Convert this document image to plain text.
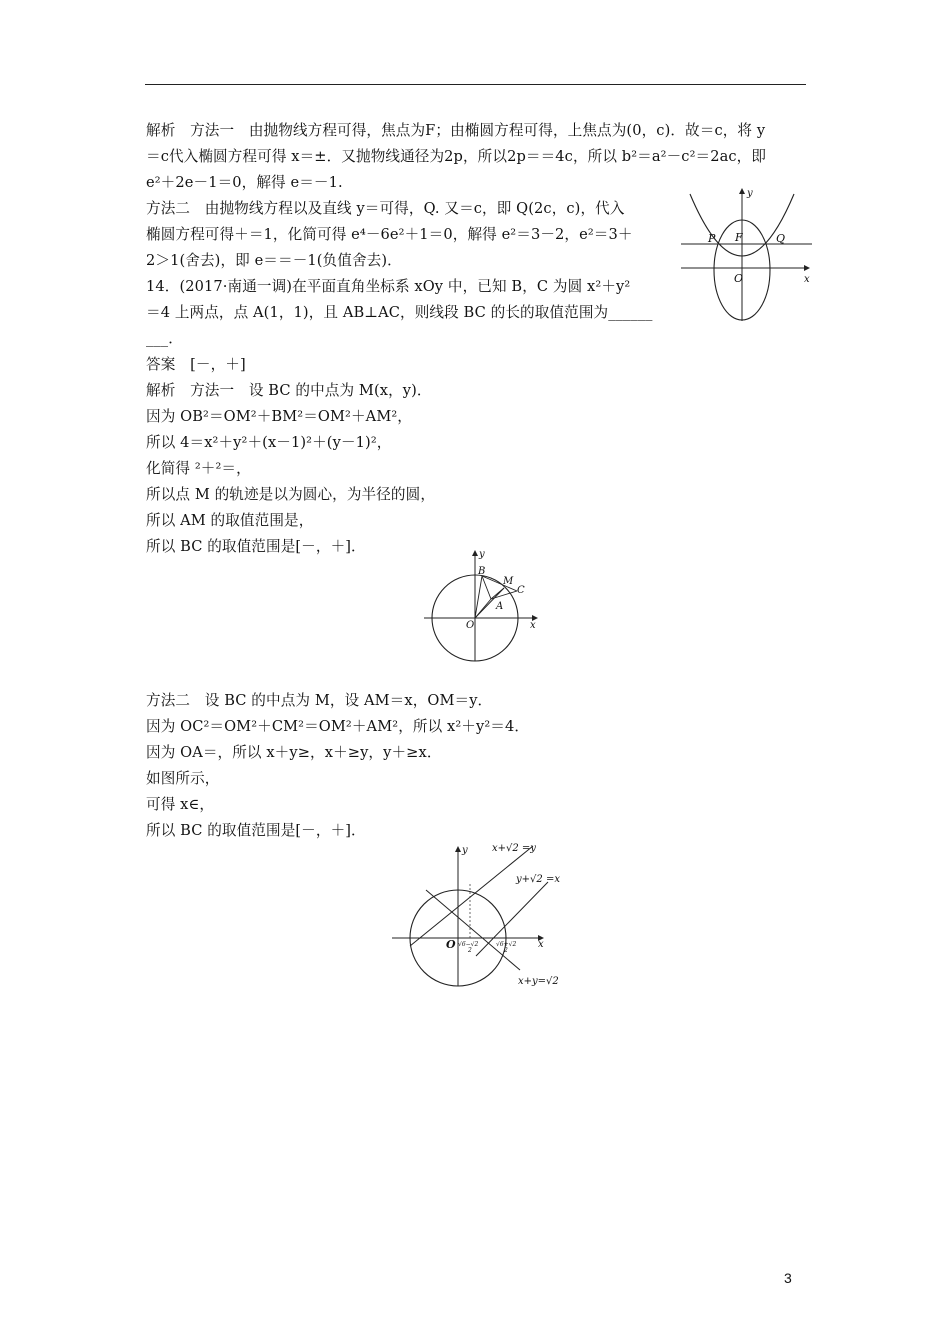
解析　方法一　由抛物线方程可得，焦点为F；由椭圆方程可得，上焦点为(0，c)．故＝c，将 y
＝c代入椭圆方程可得 x＝±．又抛物线通径为2p，所以2p＝＝4c，所以 b²＝a²－c²＝2ac，即
e²＋2e－1＝0，解得 e＝－1.
方法二　由抛物线方程以及直线 y＝可得，Q. 又＝c，即 Q(2c，c)，代入
椭圆方程可得＋＝1，化简可得 e⁴－6e²＋1＝0，解得 e²＝3－2，e²＝3＋
2＞1(舍去)，即 e＝＝－1(负值舍去)．
14．(2017·南通一调)在平面直角坐标系 xOy 中，已知 B，C 为圆 x²＋y²
＝4 上两点，点 A(1，1)，且 AB⊥AC，则线段 BC 的长的取值范围为______
___．
答案　[－，＋]
解析　方法一　设 BC 的中点为 M(x，y)．
因为 OB²＝OM²＋BM²＝OM²＋AM²，
所以 4＝x²＋y²＋(x－1)²＋(y－1)²，
化简得 ²＋²＝，
所以点 M 的轨迹是以为圆心，为半径的圆，
所以 AM 的取值范围是，
所以 BC 的取值范围是[－，＋]．
方法二　设 BC 的中点为 M，设 AM＝x，OM＝y．
因为 OC²＝OM²＋CM²＝OM²＋AM²，所以 x²＋y²＝4．
因为 OA＝，所以 x＋y≥，x＋≥y，y＋≥x．
如图所示，
可得 x∈，
所以 BC 的取值范围是[－，＋]．
y
x
P F	Q
O
y
x
B
M
C
A
O
y
x
O
x+√2 =y
y+√2 =x
x+y=√2
√6−√2
2
√6+√2
2
3
